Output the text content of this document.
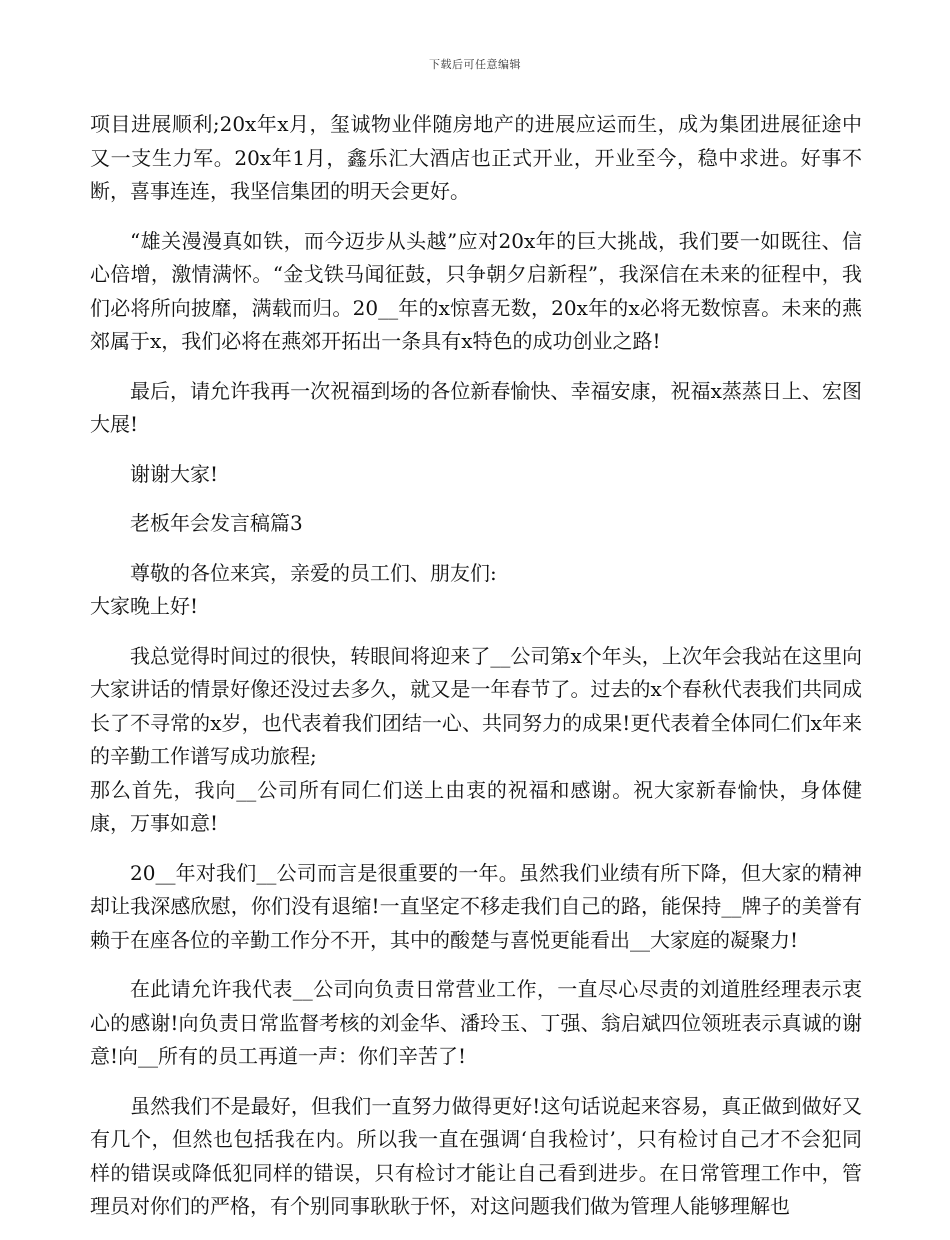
下载后可任意编辑

项目进展顺利;20x年x月，玺诚物业伴随房地产的进展应运而生，成为集团进展征途中又一支生力军。20x年1月，鑫乐汇大酒店也正式开业，开业至今，稳中求进。好事不断，喜事连连，我坚信集团的明天会更好。

“雄关漫漫真如铁，而今迈步从头越”应对20x年的巨大挑战，我们要一如既往、信心倍增，激情满怀。“金戈铁马闻征鼓，只争朝夕启新程”，我深信在未来的征程中，我们必将所向披靡，满载而归。20__年的x惊喜无数，20x年的x必将无数惊喜。未来的燕郊属于x，我们必将在燕郊开拓出一条具有x特色的成功创业之路!

最后，请允许我再一次祝福到场的各位新春愉快、幸福安康，祝福x蒸蒸日上、宏图大展!

谢谢大家!

老板年会发言稿篇3

尊敬的各位来宾，亲爱的员工们、朋友们:

大家晚上好!

我总觉得时间过的很快，转眼间将迎来了__公司第x个年头，上次年会我站在这里向大家讲话的情景好像还没过去多久，就又是一年春节了。过去的x个春秋代表我们共同成长了不寻常的x岁，也代表着我们团结一心、共同努力的成果!更代表着全体同仁们x年来的辛勤工作谱写成功旅程;

那么首先，我向__公司所有同仁们送上由衷的祝福和感谢。祝大家新春愉快，身体健康，万事如意!

20__年对我们__公司而言是很重要的一年。虽然我们业绩有所下降，但大家的精神却让我深感欣慰，你们没有退缩!一直坚定不移走我们自己的路，能保持__牌子的美誉有赖于在座各位的辛勤工作分不开，其中的酸楚与喜悦更能看出__大家庭的凝聚力!

在此请允许我代表__公司向负责日常营业工作，一直尽心尽责的刘道胜经理表示衷心的感谢!向负责日常监督考核的刘金华、潘玲玉、丁强、翁启斌四位领班表示真诚的谢意!向__所有的员工再道一声：你们辛苦了!

虽然我们不是最好，但我们一直努力做得更好!这句话说起来容易，真正做到做好又有几个，但然也包括我在内。所以我一直在强调‘自我检讨’，只有检讨自己才不会犯同样的错误或降低犯同样的错误，只有检讨才能让自己看到进步。在日常管理工作中，管理员对你们的严格，有个别同事耿耿于怀，对这问题我们做为管理人能够理解也
